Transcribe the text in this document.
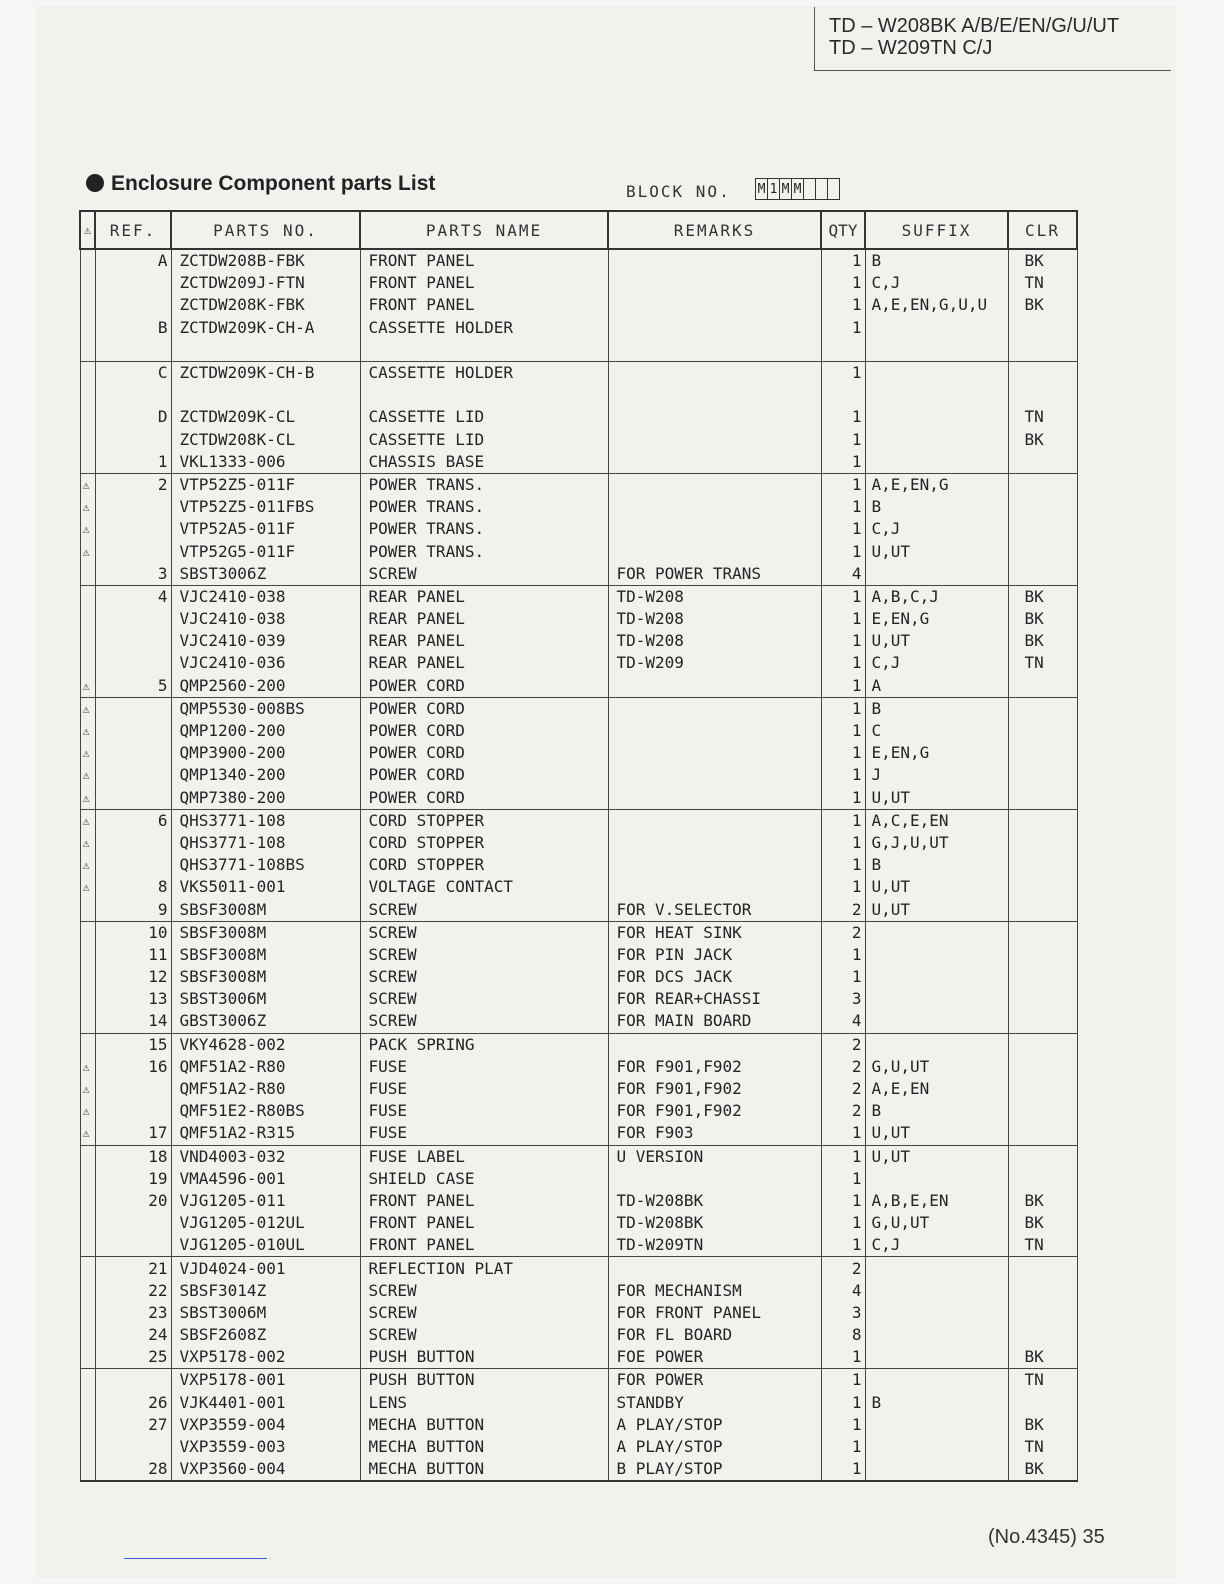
TD – W208BK A/B/E/EN/G/U/UT
TD – W209TN C/J
Enclosure Component parts List	BLOCK NO. M 1 M M
⚠	REF.	PARTS NO.	PARTS NAME	REMARKS	QTY	SUFFIX	CLR
	A	ZCTDW208B-FBK	FRONT PANEL		1	B	BK
		ZCTDW209J-FTN	FRONT PANEL		1	C,J	TN
		ZCTDW208K-FBK	FRONT PANEL		1	A,E,EN,G,U,U	BK
	B	ZCTDW209K-CH-A	CASSETTE HOLDER		1		

	C	ZCTDW209K-CH-B	CASSETTE HOLDER		1		

	D	ZCTDW209K-CL	CASSETTE LID		1		TN
		ZCTDW208K-CL	CASSETTE LID		1		BK
	1	VKL1333-006	CHASSIS BASE		1		
⚠	2	VTP52Z5-011F	POWER TRANS.		1	A,E,EN,G	
⚠		VTP52Z5-011FBS	POWER TRANS.		1	B	
⚠		VTP52A5-011F	POWER TRANS.		1	C,J	
⚠		VTP52G5-011F	POWER TRANS.		1	U,UT	
	3	SBST3006Z	SCREW	FOR POWER TRANS	4		
	4	VJC2410-038	REAR PANEL	TD-W208	1	A,B,C,J	BK
		VJC2410-038	REAR PANEL	TD-W208	1	E,EN,G	BK
		VJC2410-039	REAR PANEL	TD-W208	1	U,UT	BK
		VJC2410-036	REAR PANEL	TD-W209	1	C,J	TN
⚠	5	QMP2560-200	POWER CORD		1	A	
⚠		QMP5530-008BS	POWER CORD		1	B	
⚠		QMP1200-200	POWER CORD		1	C	
⚠		QMP3900-200	POWER CORD		1	E,EN,G	
⚠		QMP1340-200	POWER CORD		1	J	
⚠		QMP7380-200	POWER CORD		1	U,UT	
⚠	6	QHS3771-108	CORD STOPPER		1	A,C,E,EN	
⚠		QHS3771-108	CORD STOPPER		1	G,J,U,UT	
⚠		QHS3771-108BS	CORD STOPPER		1	B	
⚠	8	VKS5011-001	VOLTAGE CONTACT		1	U,UT	
	9	SBSF3008M	SCREW	FOR V.SELECTOR	2	U,UT	
	10	SBSF3008M	SCREW	FOR HEAT SINK	2		
	11	SBSF3008M	SCREW	FOR PIN JACK	1		
	12	SBSF3008M	SCREW	FOR DCS JACK	1		
	13	SBST3006M	SCREW	FOR REAR+CHASSI	3		
	14	GBST3006Z	SCREW	FOR MAIN BOARD	4		
	15	VKY4628-002	PACK SPRING		2		
⚠	16	QMF51A2-R80	FUSE	FOR F901,F902	2	G,U,UT	
⚠		QMF51A2-R80	FUSE	FOR F901,F902	2	A,E,EN	
⚠		QMF51E2-R80BS	FUSE	FOR F901,F902	2	B	
⚠	17	QMF51A2-R315	FUSE	FOR F903	1	U,UT	
	18	VND4003-032	FUSE LABEL	U VERSION	1	U,UT	
	19	VMA4596-001	SHIELD CASE		1		
	20	VJG1205-011	FRONT PANEL	TD-W208BK	1	A,B,E,EN	BK
		VJG1205-012UL	FRONT PANEL	TD-W208BK	1	G,U,UT	BK
		VJG1205-010UL	FRONT PANEL	TD-W209TN	1	C,J	TN
	21	VJD4024-001	REFLECTION PLAT		2		
	22	SBSF3014Z	SCREW	FOR MECHANISM	4		
	23	SBST3006M	SCREW	FOR FRONT PANEL	3		
	24	SBSF2608Z	SCREW	FOR FL BOARD	8		
	25	VXP5178-002	PUSH BUTTON	FOE POWER	1		BK
		VXP5178-001	PUSH BUTTON	FOR POWER	1		TN
	26	VJK4401-001	LENS	STANDBY	1	B	
	27	VXP3559-004	MECHA BUTTON	A PLAY/STOP	1		BK
		VXP3559-003	MECHA BUTTON	A PLAY/STOP	1		TN
	28	VXP3560-004	MECHA BUTTON	B PLAY/STOP	1		BK
(No.4345) 35
